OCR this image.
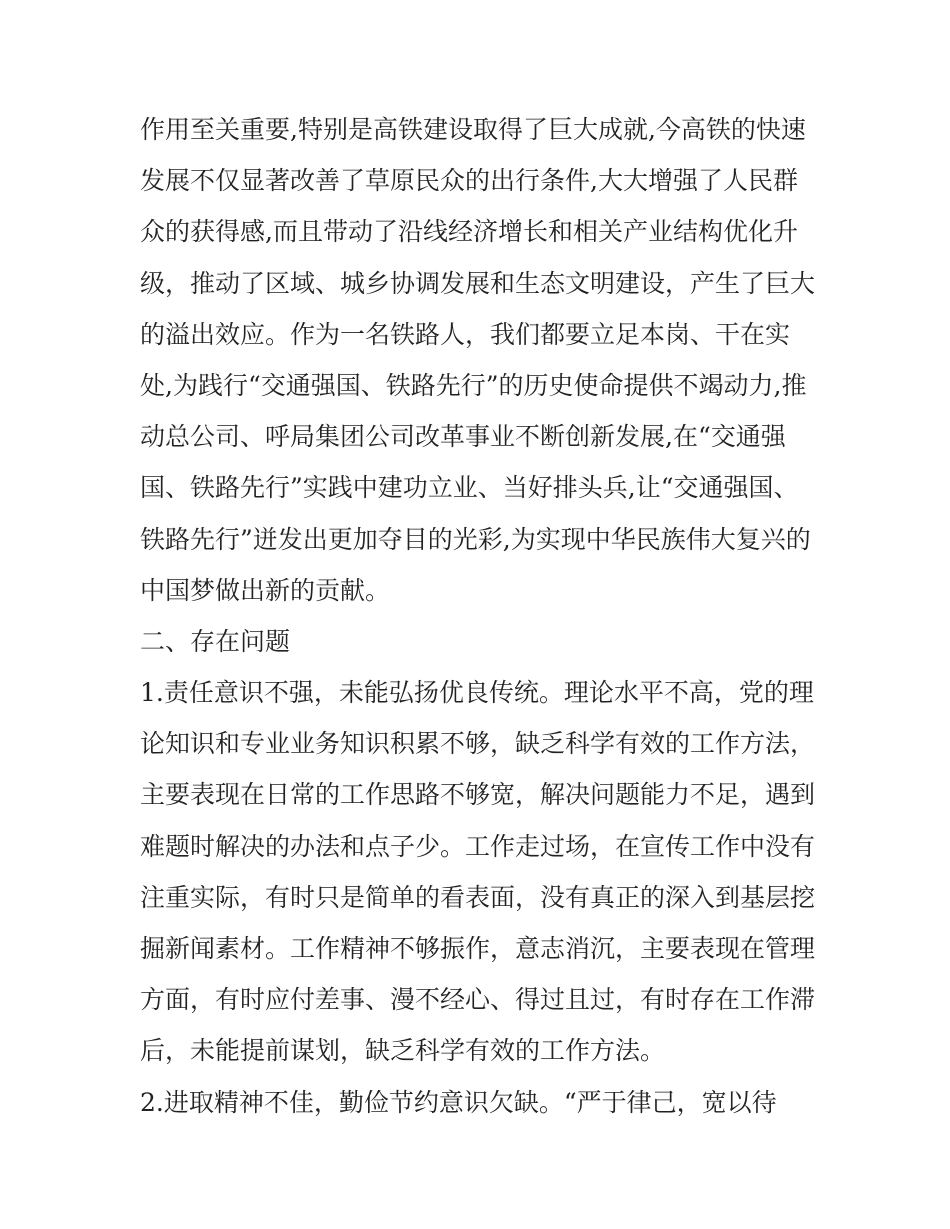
作用至关重要,特别是高铁建设取得了巨大成就,今高铁的快速
发展不仅显著改善了草原民众的出行条件,大大增强了人民群
众的获得感,而且带动了沿线经济增长和相关产业结构优化升
级，推动了区域、城乡协调发展和生态文明建设，产生了巨大
的溢出效应。作为一名铁路人，我们都要立足本岗、干在实
处,为践行“交通强国、铁路先行”的历史使命提供不竭动力,推
动总公司、呼局集团公司改革事业不断创新发展,在“交通强
国、铁路先行”实践中建功立业、当好排头兵,让“交通强国、
铁路先行”迸发出更加夺目的光彩,为实现中华民族伟大复兴的
中国梦做出新的贡献。
二、存在问题
1.责任意识不强，未能弘扬优良传统。理论水平不高，党的理
论知识和专业业务知识积累不够，缺乏科学有效的工作方法，
主要表现在日常的工作思路不够宽，解决问题能力不足，遇到
难题时解决的办法和点子少。工作走过场，在宣传工作中没有
注重实际，有时只是简单的看表面，没有真正的深入到基层挖
掘新闻素材。工作精神不够振作，意志消沉，主要表现在管理
方面，有时应付差事、漫不经心、得过且过，有时存在工作滞
后，未能提前谋划，缺乏科学有效的工作方法。
2.进取精神不佳，勤俭节约意识欠缺。“严于律己，宽以待
